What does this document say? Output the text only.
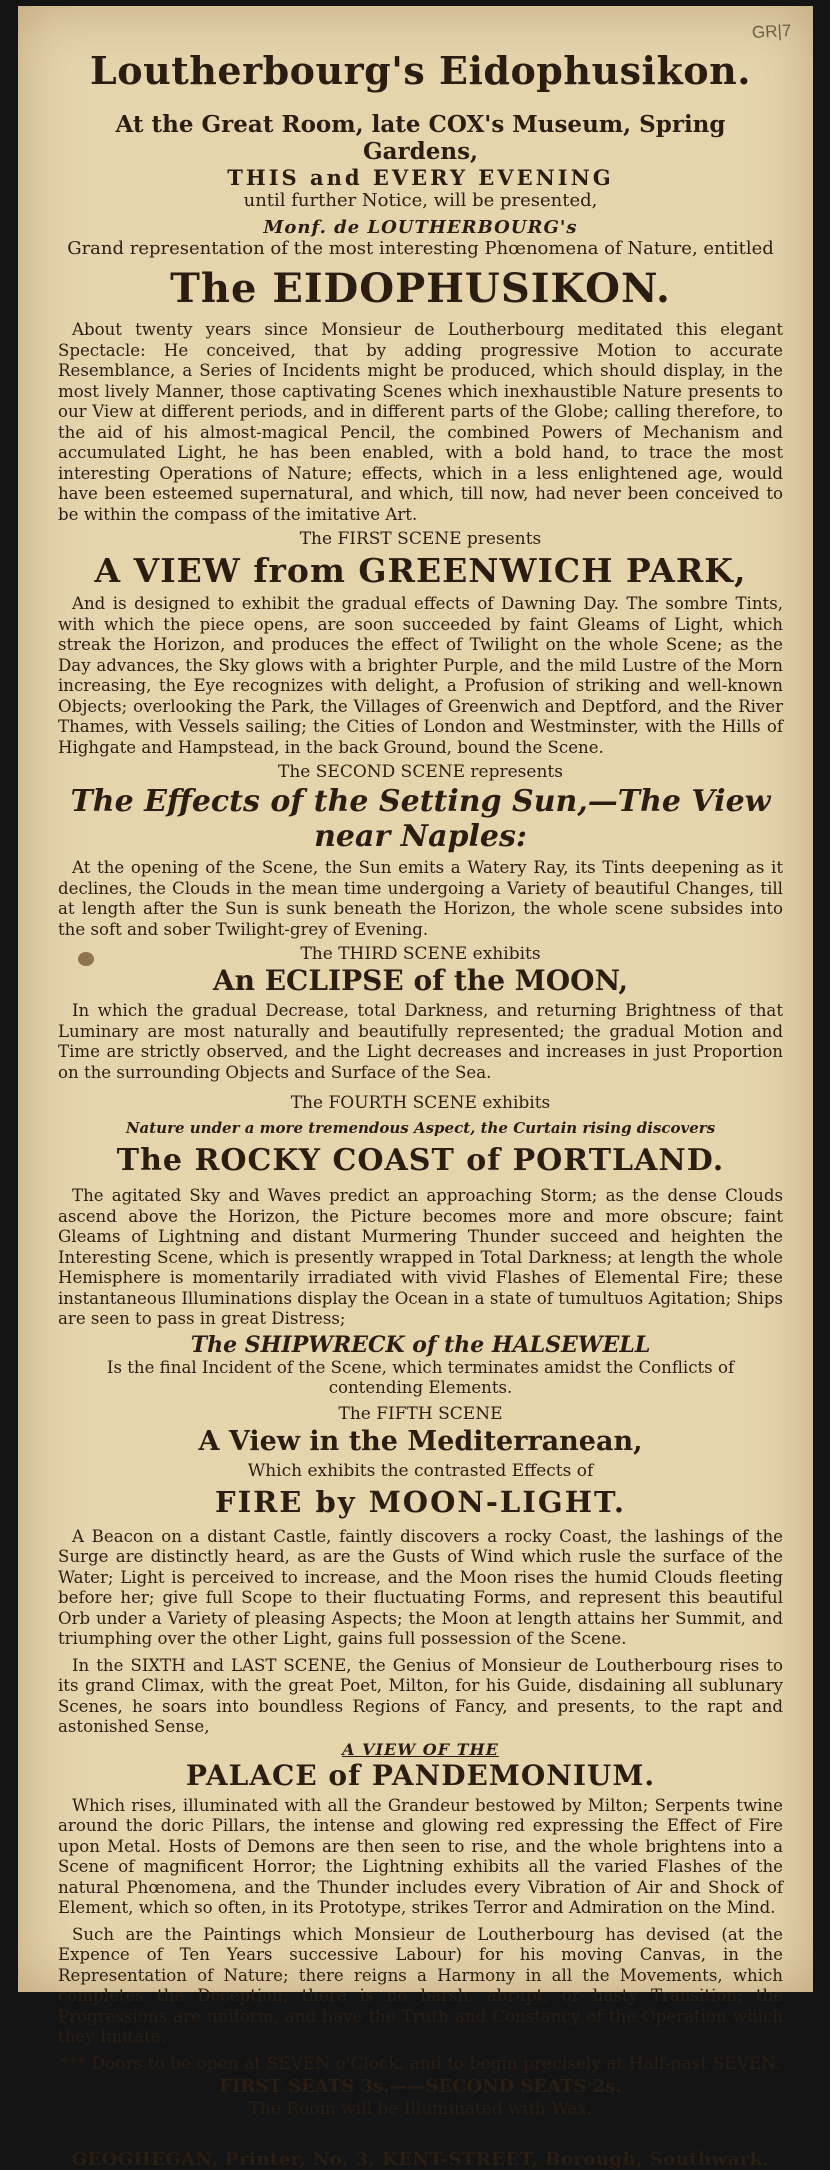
GR|7
Loutherbourg's Eidophusikon.
At the Great Room, late COX's Museum, Spring Gardens,
THIS and EVERY EVENING
until further Notice, will be presented,
Monf. de LOUTHERBOURG's
Grand representation of the most interesting Phœnomena of Nature, entitled
The EIDOPHUSIKON.

About twenty years since Monsieur de Loutherbourg meditated this elegant Spectacle: He conceived, that by adding progressive Motion to accurate Resemblance, a Series of Incidents might be produced, which should display, in the most lively Manner, those captivating Scenes which inexhaustible Nature presents to our View at different periods, and in different parts of the Globe; calling therefore, to the aid of his almost-magical Pencil, the combined Powers of Mechanism and accumulated Light, he has been enabled, with a bold hand, to trace the most interesting Operations of Nature; effects, which in a less enlightened age, would have been esteemed supernatural, and which, till now, had never been conceived to be within the compass of the imitative Art.

The FIRST SCENE presents
A VIEW from GREENWICH PARK,

And is designed to exhibit the gradual effects of Dawning Day. The sombre Tints, with which the piece opens, are soon succeeded by faint Gleams of Light, which streak the Horizon, and produces the effect of Twilight on the whole Scene; as the Day advances, the Sky glows with a brighter Purple, and the mild Lustre of the Morn increasing, the Eye recognizes with delight, a Profusion of striking and well-known Objects; overlooking the Park, the Villages of Greenwich and Deptford, and the River Thames, with Vessels sailing; the Cities of London and Westminster, with the Hills of Highgate and Hampstead, in the back Ground, bound the Scene.

The SECOND SCENE represents
The Effects of the Setting Sun,—The View near Naples:

At the opening of the Scene, the Sun emits a Watery Ray, its Tints deepening as it declines, the Clouds in the mean time undergoing a Variety of beautiful Changes, till at length after the Sun is sunk beneath the Horizon, the whole scene subsides into the soft and sober Twilight-grey of Evening.

The THIRD SCENE exhibits
An ECLIPSE of the MOON,

In which the gradual Decrease, total Darkness, and returning Brightness of that Luminary are most naturally and beautifully represented; the gradual Motion and Time are strictly observed, and the Light decreases and increases in just Proportion on the surrounding Objects and Surface of the Sea.

The FOURTH SCENE exhibits
Nature under a more tremendous Aspect, the Curtain rising discovers
The ROCKY COAST of PORTLAND.

The agitated Sky and Waves predict an approaching Storm; as the dense Clouds ascend above the Horizon, the Picture becomes more and more obscure; faint Gleams of Lightning and distant Murmering Thunder succeed and heighten the Interesting Scene, which is presently wrapped in Total Darkness; at length the whole Hemisphere is momentarily irradiated with vivid Flashes of Elemental Fire; these instantaneous Illuminations display the Ocean in a state of tumultuos Agitation; Ships are seen to pass in great Distress;

The SHIPWRECK of the HALSEWELL
Is the final Incident of the Scene, which terminates amidst the Conflicts of contending Elements.
The FIFTH SCENE
A View in the Mediterranean,
Which exhibits the contrasted Effects of
FIRE by MOON-LIGHT.

A Beacon on a distant Castle, faintly discovers a rocky Coast, the lashings of the Surge are distinctly heard, as are the Gusts of Wind which rusle the surface of the Water; Light is perceived to increase, and the Moon rises the humid Clouds fleeting before her; give full Scope to their fluctuating Forms, and represent this beautiful Orb under a Variety of pleasing Aspects; the Moon at length attains her Summit, and triumphing over the other Light, gains full possession of the Scene.

In the SIXTH and LAST SCENE, the Genius of Monsieur de Loutherbourg rises to its grand Climax, with the great Poet, Milton, for his Guide, disdaining all sublunary Scenes, he soars into boundless Regions of Fancy, and presents, to the rapt and astonished Sense,

A VIEW OF THE
PALACE of PANDEMONIUM.

Which rises, illuminated with all the Grandeur bestowed by Milton; Serpents twine around the doric Pillars, the intense and glowing red expressing the Effect of Fire upon Metal. Hosts of Demons are then seen to rise, and the whole brightens into a Scene of magnificent Horror; the Lightning exhibits all the varied Flashes of the natural Phœnomena, and the Thunder includes every Vibration of Air and Shock of Element, which so often, in its Prototype, strikes Terror and Admiration on the Mind.

Such are the Paintings which Monsieur de Loutherbourg has devised (at the Expence of Ten Years successive Labour) for his moving Canvas, in the Representation of Nature; there reigns a Harmony in all the Movements, which completes the Deception; there is no harsh, abrupt, or hasty Transition; the Progressions are uniform, and have the Truth and Constancy of the Operation which they Imitate.

*** Doors to be open at SEVEN o'Clock, and to begin precisely at Half-past SEVEN.
FIRST SEATS 3s.——SECOND SEATS 2s.
The Room will be Illuminated with Wax.
GEOGHEGAN, Printer, No. 3, KENT-STREET, Borough, Southwark.
